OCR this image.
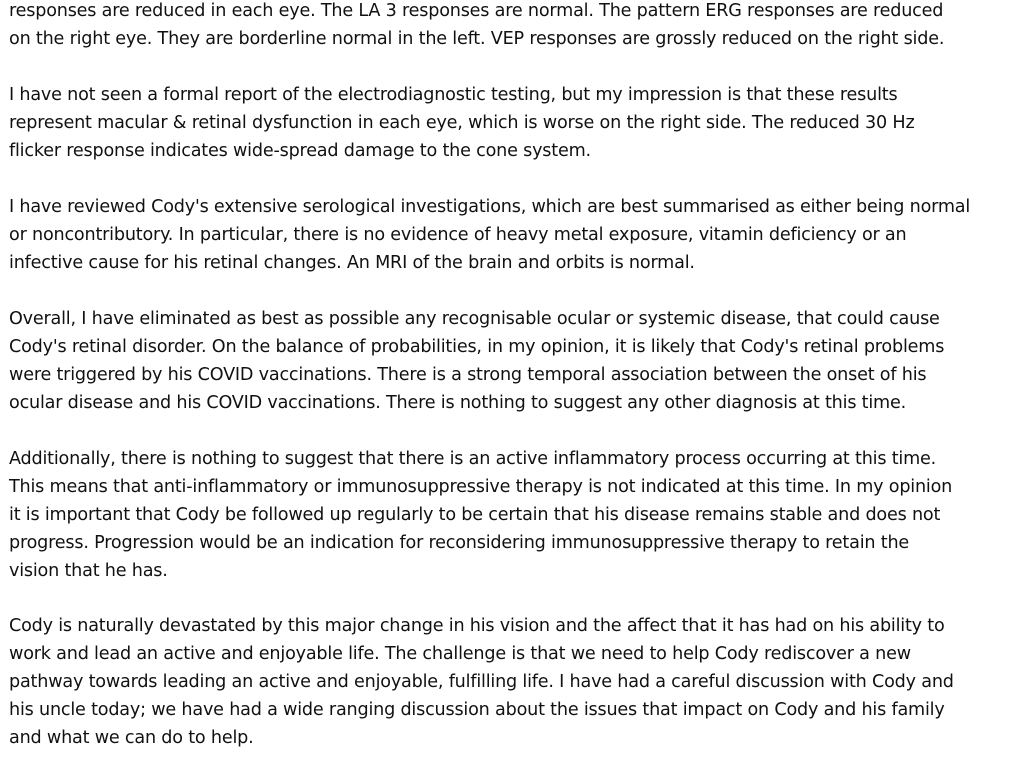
responses are reduced in each eye. The LA 3 responses are normal. The pattern ERG responses are reduced
on the right eye. They are borderline normal in the left. VEP responses are grossly reduced on the right side.
I have not seen a formal report of the electrodiagnostic testing, but my impression is that these results
represent macular & retinal dysfunction in each eye, which is worse on the right side. The reduced 30 Hz
flicker response indicates wide-spread damage to the cone system.
I have reviewed Cody's extensive serological investigations, which are best summarised as either being normal
or noncontributory. In particular, there is no evidence of heavy metal exposure, vitamin deficiency or an
infective cause for his retinal changes. An MRI of the brain and orbits is normal.
Overall, I have eliminated as best as possible any recognisable ocular or systemic disease, that could cause
Cody's retinal disorder. On the balance of probabilities, in my opinion, it is likely that Cody's retinal problems
were triggered by his COVID vaccinations. There is a strong temporal association between the onset of his
ocular disease and his COVID vaccinations. There is nothing to suggest any other diagnosis at this time.
Additionally, there is nothing to suggest that there is an active inflammatory process occurring at this time.
This means that anti-inflammatory or immunosuppressive therapy is not indicated at this time. In my opinion
it is important that Cody be followed up regularly to be certain that his disease remains stable and does not
progress. Progression would be an indication for reconsidering immunosuppressive therapy to retain the
vision that he has.
Cody is naturally devastated by this major change in his vision and the affect that it has had on his ability to
work and lead an active and enjoyable life. The challenge is that we need to help Cody rediscover a new
pathway towards leading an active and enjoyable, fulfilling life. I have had a careful discussion with Cody and
his uncle today; we have had a wide ranging discussion about the issues that impact on Cody and his family
and what we can do to help.
